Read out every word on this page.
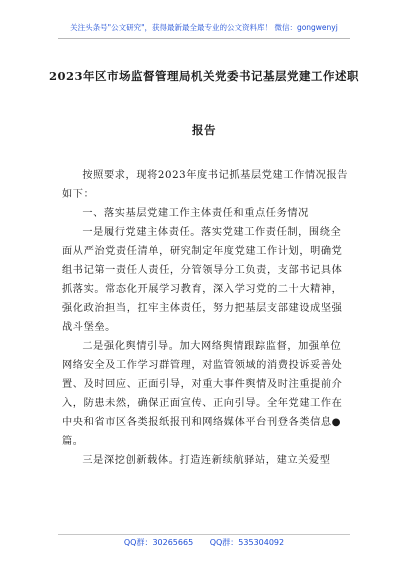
关注头条号"公文研究"，获得最新最全最专业的公文资料库！ 微信：gongwenyj
2023年区市场监督管理局机关党委书记基层党建工作述职
报告

按照要求，现将2023年度书记抓基层党建工作情况报告如下：

一、落实基层党建工作主体责任和重点任务情况

一是履行党建主体责任。落实党建工作责任制，围绕全面从严治党责任清单，研究制定年度党建工作计划，明确党组书记第一责任人责任，分管领导分工负责，支部书记具体抓落实。常态化开展学习教育，深入学习党的二十大精神，强化政治担当，扛牢主体责任，努力把基层支部建设成坚强战斗堡垒。

二是强化舆情引导。加大网络舆情跟踪监督，加强单位网络安全及工作学习群管理，对监管领域的消费投诉妥善处置、及时回应、正面引导，对重大事件舆情及时注重提前介入，防患未然，确保正面宣传、正向引导。全年党建工作在中央和省市区各类报纸报刊和网络媒体平台刊登各类信息●篇。

三是深挖创新载体。打造连新续航驿站，建立关爱型

QQ群：30265665 QQ群：535304092
